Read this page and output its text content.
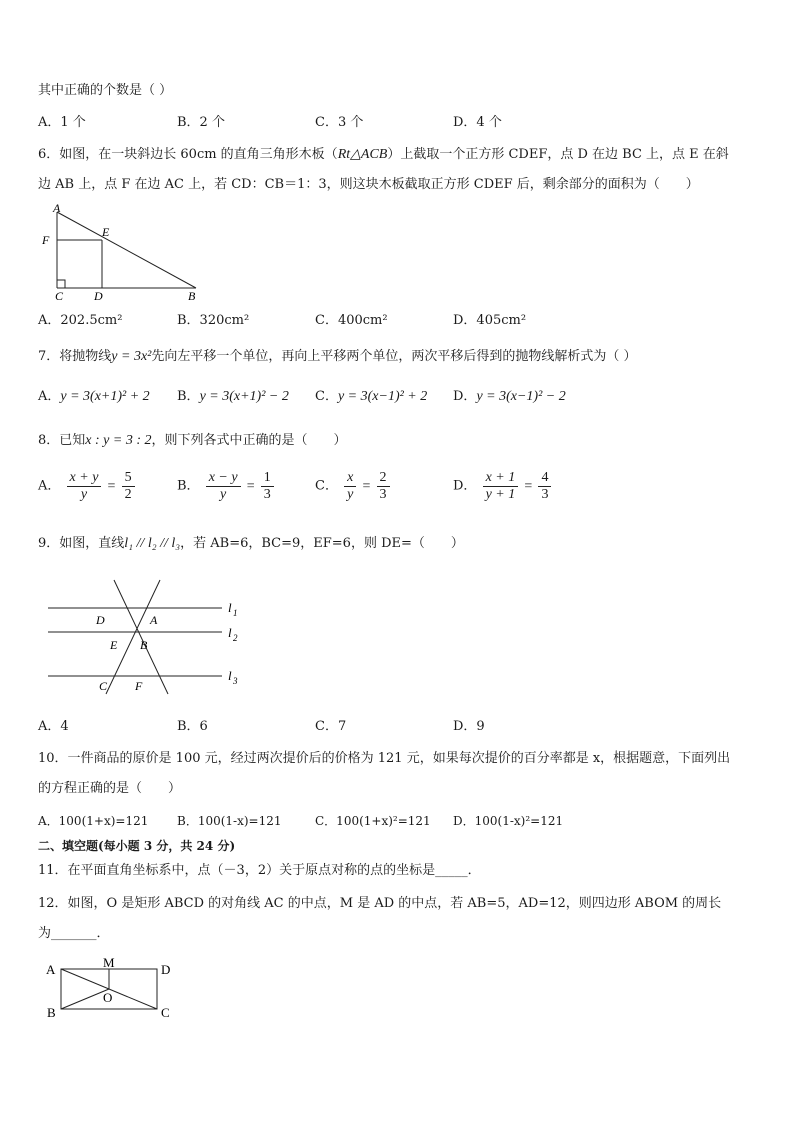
其中正确的个数是（ ）
A．1 个	B．2 个	C．3 个	D．4 个
6．如图，在一块斜边长 60cm 的直角三角形木板（Rt△ACB）上截取一个正方形 CDEF，点 D 在边 BC 上，点 E 在斜
边 AB 上，点 F 在边 AC 上，若 CD：CB＝1：3，则这块木板截取正方形 CDEF 后，剩余部分的面积为（　　）
A
F
E
C	D	B
A．202.5cm²	B．320cm²	C．400cm²	D．405cm²
7．将抛物线y = 3x²先向左平移一个单位，再向上平移两个单位，两次平移后得到的抛物线解析式为（ ）
A．y = 3(x+1)² + 2 B．y = 3(x+1)² − 2 C．y = 3(x−1)² + 2 D．y = 3(x−1)² − 2
8．已知x : y = 3 : 2，则下列各式中正确的是（　　）
A． $\frac{x + y}{y} = \frac{5}{2}$	B． $\frac{x - y}{y} = \frac{1}{3}$	C． $\frac{x}{y} = \frac{2}{3}$	D． $\frac{x + 1}{y + 1} = \frac{4}{3}$
9．如图，直线l₁ // l₂ // l₃，若 AB=6，BC=9，EF=6，则 DE=（　　）
l 1
l 2
l 3
D	A
E B
C F
A．4	B．6	C．7	D．9
10．一件商品的原价是 100 元，经过两次提价后的价格为 121 元，如果每次提价的百分率都是 x，根据题意，下面列出
的方程正确的是（　　）
A．100(1+x)=121 B．100(1-x)=121	C．100(1+x)²=121 D．100(1-x)²=121
二、填空题(每小题 3 分，共 24 分)
11．在平面直角坐标系中，点（－3，2）关于原点对称的点的坐标是_____．
12．如图，O 是矩形 ABCD 的对角线 AC 的中点，M 是 AD 的中点，若 AB=5，AD=12，则四边形 ABOM 的周长
为_______．
A	M	D
O
B	C
